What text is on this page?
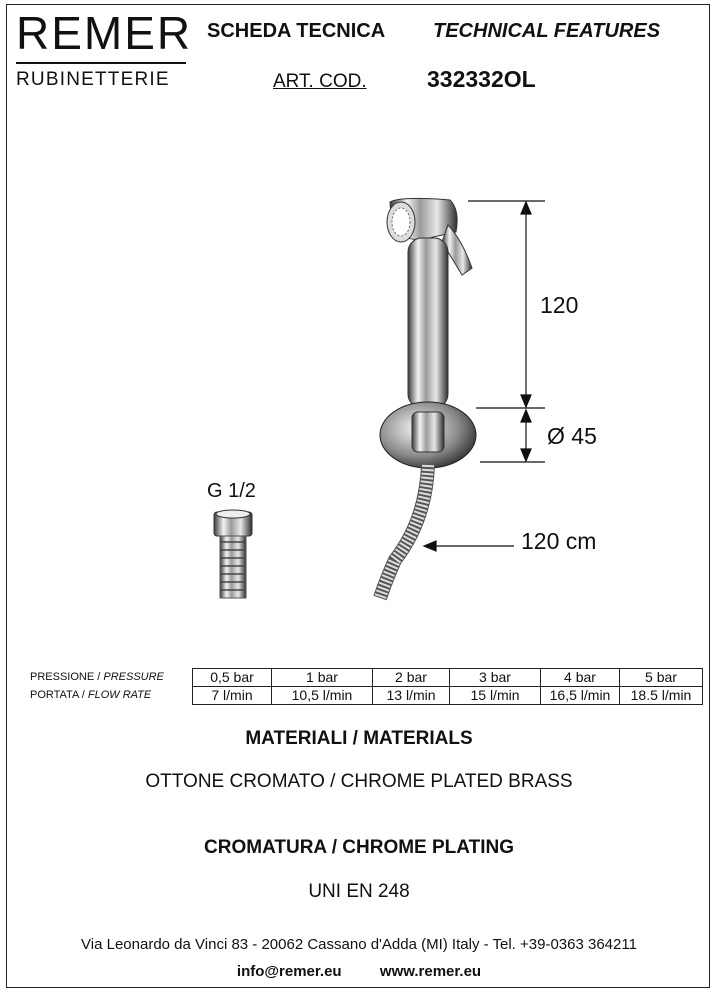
REMER
RUBINETTERIE
SCHEDA TECNICA TECHNICAL FEATURES
ART. COD.	332332OL
120
Ø 45
120 cm
G 1/2
PRESSIONE / PRESSURE	0,5 bar	1 bar	2 bar	3 bar	4 bar	5 bar
PORTATA / FLOW RATE	7 l/min	10,5 l/min	13 l/min	15 l/min	16,5 l/min	18.5 l/min
MATERIALI / MATERIALS
OTTONE CROMATO / CHROME PLATED BRASS
CROMATURA / CHROME PLATING
UNI EN 248
Via Leonardo da Vinci 83 - 20062 Cassano d'Adda (MI) Italy - Tel. +39-0363 364211
info@remer.eu	www.remer.eu
